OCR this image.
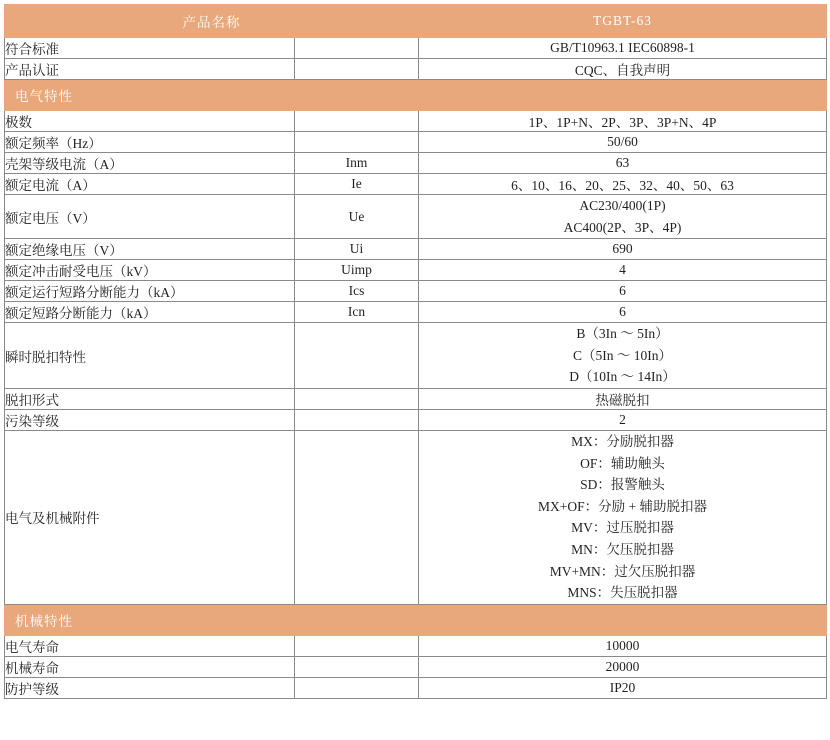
产品名称		TGBT-63
符合标准		GB/T10963.1 IEC60898-1
产品认证		CQC、自我声明
电气特性		
极数		1P、1P+N、2P、3P、3P+N、4P
额定频率（Hz）		50/60
壳架等级电流（A）	Inm	63
额定电流（A）	Ie	6、10、16、20、25、32、40、50、63
额定电压（V）	Ue	AC230/400(1P)
AC400(2P、3P、4P)

额定绝缘电压（V）	Ui	690
额定冲击耐受电压（kV）	Uimp	4
额定运行短路分断能力（kA）	Ics	6
额定短路分断能力（kA）	Icn	6
瞬时脱扣特性		B（3In ～ 5In）
C（5In ～ 10In）
D（10In ～ 14In）

脱扣形式		热磁脱扣
污染等级		2
电气及机械附件		
MX：分励脱扣器
OF：辅助触头
SD：报警触头
MX+OF：分励 + 辅助脱扣器
MV：过压脱扣器
MN：欠压脱扣器
MV+MN：过欠压脱扣器
MNS：失压脱扣器

机械特性		
电气寿命		10000
机械寿命		20000
防护等级		IP20
